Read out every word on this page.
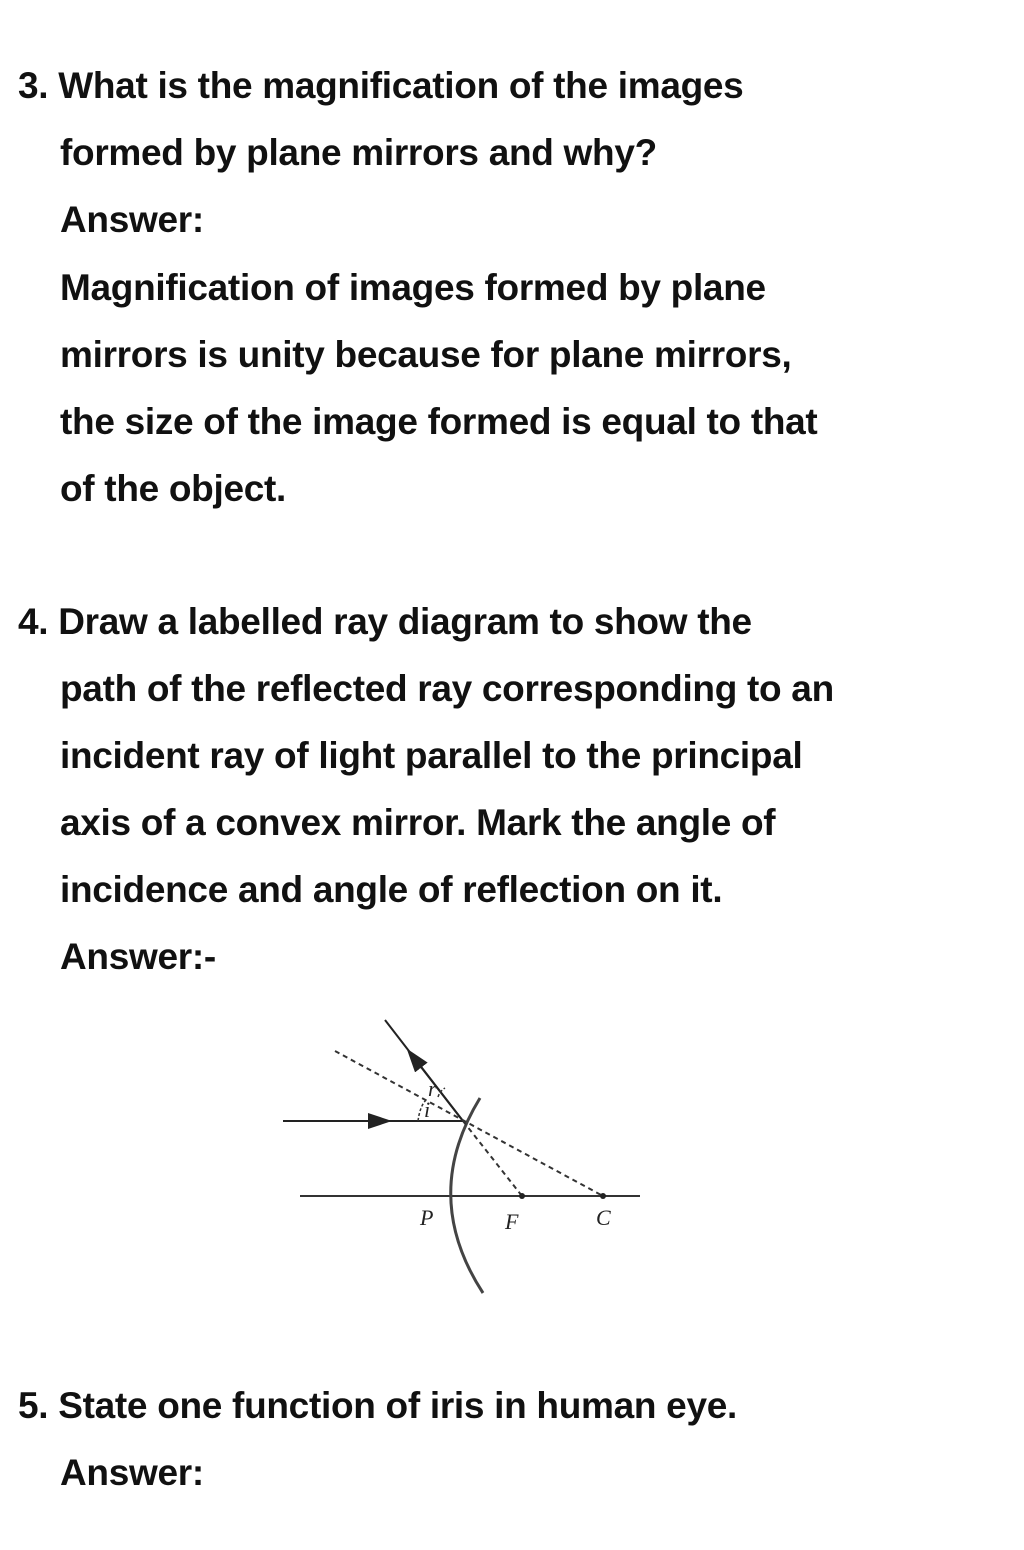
3. What is the magnification of the images
formed by plane mirrors and why?
Answer:
Magnification of images formed by plane
mirrors is unity because for plane mirrors,
the size of the image formed is equal to that
of the object.
4. Draw a labelled ray diagram to show the
path of the reflected ray corresponding to an
incident ray of light parallel to the principal
axis of a convex mirror. Mark the angle of
incidence and angle of reflection on it.
Answer:-
i
r
P	F	C
5. State one function of iris in human eye.
Answer:
